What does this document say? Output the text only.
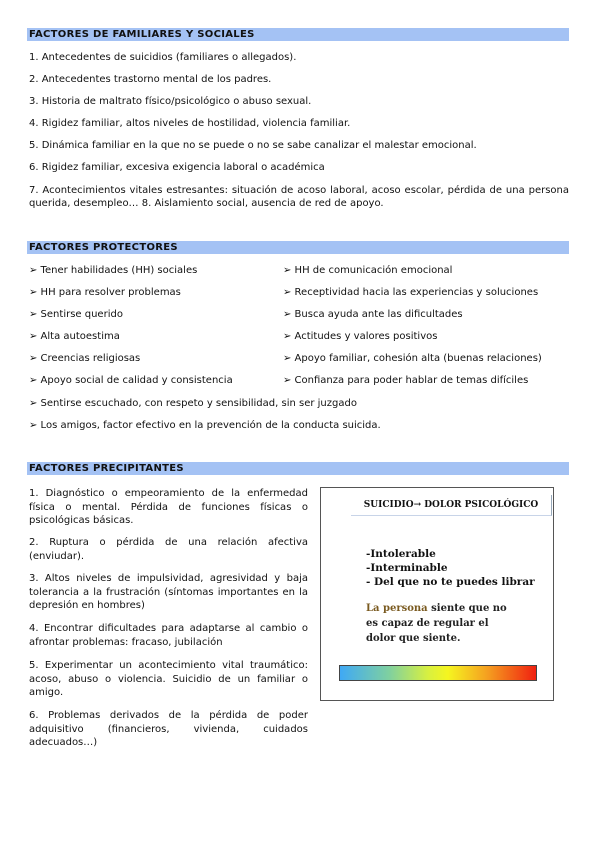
FACTORES DE FAMILIARES Y SOCIALES
1. Antecedentes de suicidios (familiares o allegados).
2. Antecedentes trastorno mental de los padres.
3. Historia de maltrato físico/psicológico o abuso sexual.
4. Rigidez familiar, altos niveles de hostilidad, violencia familiar.
5. Dinámica familiar en la que no se puede o no se sabe canalizar el malestar emocional.
6. Rigidez familiar, excesiva exigencia laboral o académica
7. Acontecimientos vitales estresantes: situación de acoso laboral, acoso escolar, pérdida de una persona querida, desempleo… 8. Aislamiento social, ausencia de red de apoyo.
FACTORES PROTECTORES
➢ Tener habilidades (HH) sociales
➢ HH para resolver problemas
➢ Sentirse querido
➢ Alta autoestima
➢ Creencias religiosas
➢ Apoyo social de calidad y consistencia
➢ HH de comunicación emocional
➢ Receptividad hacia las experiencias y soluciones
➢ Busca ayuda ante las dificultades
➢ Actitudes y valores positivos
➢ Apoyo familiar, cohesión alta (buenas relaciones)
➢ Confianza para poder hablar de temas difíciles
➢ Sentirse escuchado, con respeto y sensibilidad, sin ser juzgado
➢ Los amigos, factor efectivo en la prevención de la conducta suicida.
FACTORES PRECIPITANTES
1. Diagnóstico o empeoramiento de la enfermedad física o mental. Pérdida de funciones físicas o psicológicas básicas.
2. Ruptura o pérdida de una relación afectiva (enviudar).
3. Altos niveles de impulsividad, agresividad y baja tolerancia a la frustración (síntomas importantes en la depresión en hombres)
4. Encontrar dificultades para adaptarse al cambio o afrontar problemas: fracaso, jubilación
5. Experimentar un acontecimiento vital traumático: acoso, abuso o violencia. Suicidio de un familiar o amigo.
6. Problemas derivados de la pérdida de poder adquisitivo (financieros, vivienda, cuidados adecuados…)
SUICIDIO→ DOLOR PSICOLÓGICO
-Intolerable
-Interminable
- Del que no te puedes librar
La persona siente que no es capaz de regular el dolor que siente.
